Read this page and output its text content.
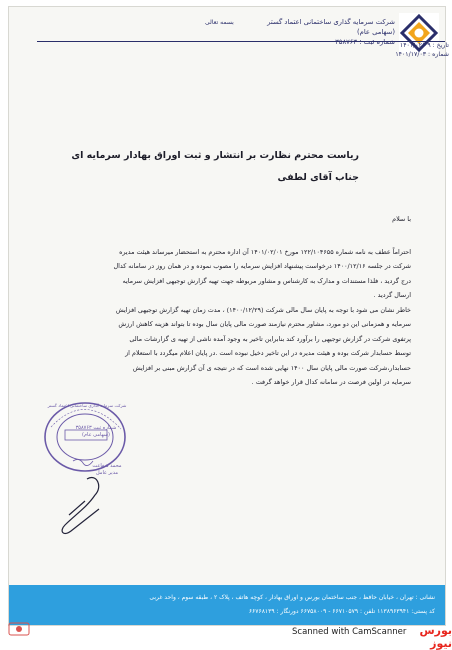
شرکت سرمایه گذاری ساختمانی اعتماد گستر
(سهامی عام)
شماره ثبت : ۳۵۸۷۶۳
بسمه تعالی
تاریخ : ۱۴۰۱/۰۲/۰۹
شماره : ۱۴۰۱/۱۷/۰۳
ریاست محترم نظارت بر انتشار و ثبت اوراق بهادار سرمایه ای
جناب آقای لطفی

با سلام

احتراماً عطف به نامه شماره ۱۲۲/۱۰۴۶۵۵ مورخ ۱۴۰۱/۰۲/۰۱ آن اداره محترم به استحضار میرساند هیئت مدیره
شرکت در جلسه ۱۴۰۰/۱۲/۱۶ درخواست پیشنهاد افزایش سرمایه را مصوب نموده و در همان روز در سامانه کدال
درج گردید ، فلذا مستندات و مدارک به کارشناس و مشاور مربوطه جهت تهیه گزارش توجیهی افزایش سرمایه
ارسال گردید .
خاطر نشان می شود با توجه به پایان سال مالی شرکت (۱۴۰۰/۱۲/۲۹) ، مدت زمان تهیه گزارش توجیهی افزایش
سرمایه و همزمانی این دو مورد، مشاور محترم نیازمند صورت مالی پایان سال بوده تا بتواند هزینه کاهش ارزش
پرتفوی شرکت در گزارش توجیهی را برآورد کند بنابراین تاخیر به وجود آمده ناشی از تهیه ی گزارشات مالی
توسط حسابدار شرکت بوده و هیئت مدیره در این تاخیر دخیل نبوده است .در پایان اعلام میگردد با استعلام از
حسابدار،شرکت صورت مالی پایان سال ۱۴۰۰ نهایی شده است که در نتیجه ی آن گزارش مبنی بر افزایش
سرمایه در اولین فرصت در سامانه کدال قرار خواهد گرفت .
شماره ثبت ۳۵۸۷۶۳
(سهامی عام)
شرکت سرمایه گذاری ساختمانی اعتماد گستر
محمد شفاعت
مدیر عامل
نشانی : تهران ، خیابان حافظ ، جنب ساختمان بورس و اوراق بهادار ، کوچه هاتف ، پلاک ۲ ، طبقه سوم ، واحد غربی
کد پستی: ۱۱۳۸۹۶۳۹۴۱ تلفن : ۶۶۷۱۰۵۷۹ - ۶۶۷۵۸۰۰۹ دورنگار : ۶۶۷۶۸۱۳۹
Scanned with CamScanner	بورس نیوز
